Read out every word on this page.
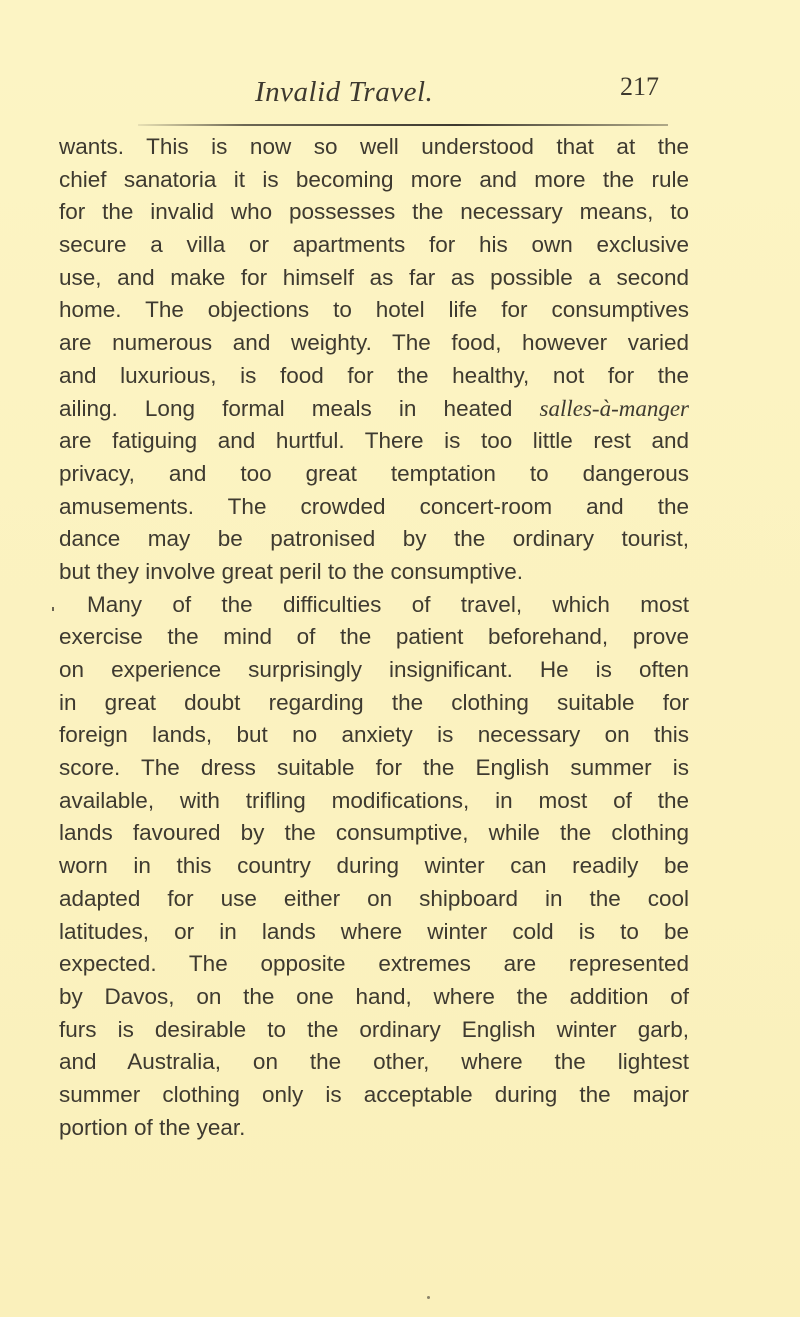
Invalid Travel.	217
wants. This is now so well understood that at the
chief sanatoria it is becoming more and more the rule
for the invalid who possesses the necessary means, to
secure a villa or apartments for his own exclusive
use, and make for himself as far as possible a second
home. The objections to hotel life for consumptives
are numerous and weighty. The food, however varied
and luxurious, is food for the healthy, not for the
ailing. Long formal meals in heated salles-à-manger
are fatiguing and hurtful. There is too little rest and
privacy, and too great temptation to dangerous
amusements. The crowded concert-room and the
dance may be patronised by the ordinary tourist,
but they involve great peril to the consumptive.
Many of the difficulties of travel, which most
exercise the mind of the patient beforehand, prove
on experience surprisingly insignificant. He is often
in great doubt regarding the clothing suitable for
foreign lands, but no anxiety is necessary on this
score. The dress suitable for the English summer is
available, with trifling modifications, in most of the
lands favoured by the consumptive, while the clothing
worn in this country during winter can readily be
adapted for use either on shipboard in the cool
latitudes, or in lands where winter cold is to be
expected. The opposite extremes are represented
by Davos, on the one hand, where the addition of
furs is desirable to the ordinary English winter garb,
and Australia, on the other, where the lightest
summer clothing only is acceptable during the major
portion of the year.
